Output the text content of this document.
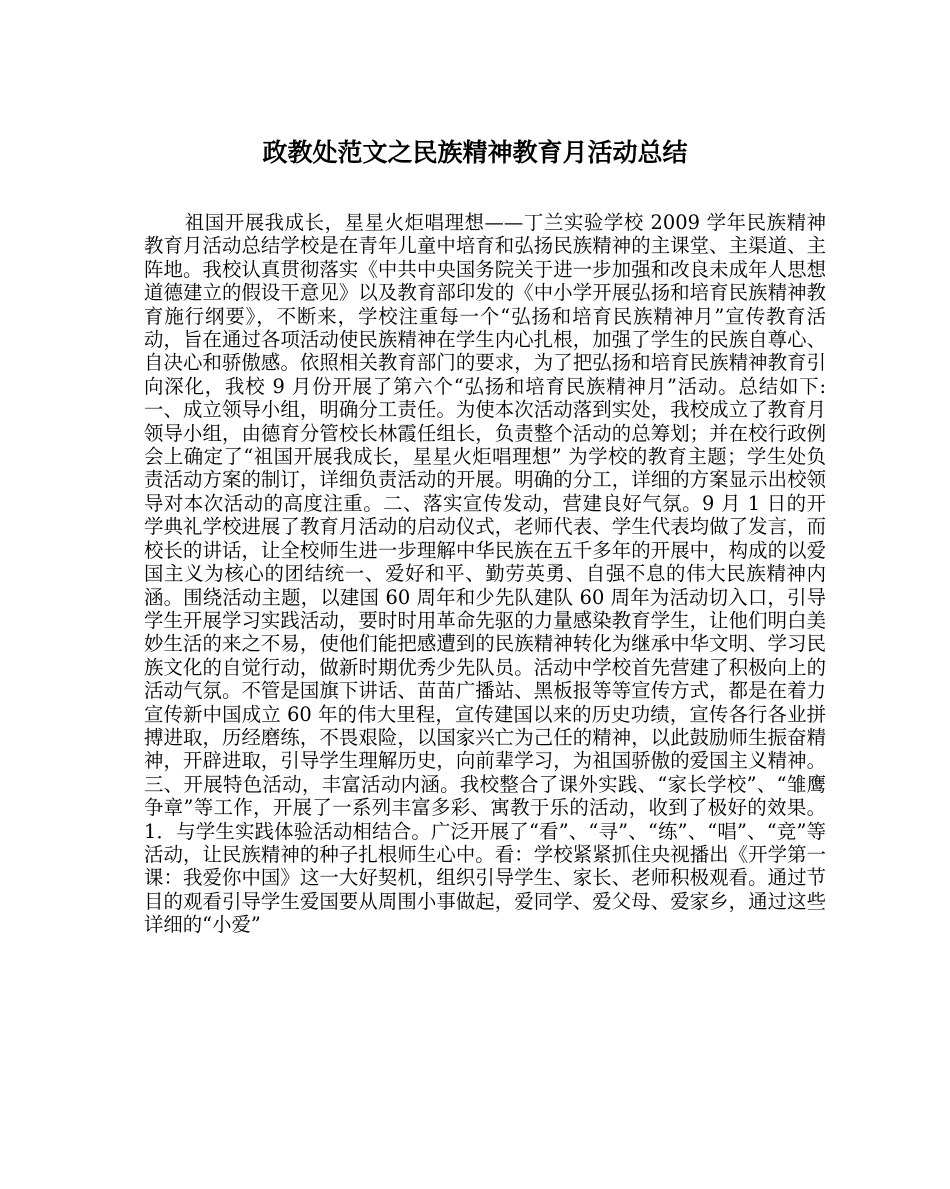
政教处范文之民族精神教育月活动总结

祖国开展我成长，星星火炬唱理想——丁兰实验学校 2009 学年民族精神教育月活动总结学校是在青年儿童中培育和弘扬民族精神的主课堂、主渠道、主阵地。我校认真贯彻落实《中共中央国务院关于进一步加强和改良未成年人思想道德建立的假设干意见》以及教育部印发的《中小学开展弘扬和培育民族精神教育施行纲要》，不断来，学校注重每一个“弘扬和培育民族精神月”宣传教育活动，旨在通过各项活动使民族精神在学生内心扎根，加强了学生的民族自尊心、自决心和骄傲感。依照相关教育部门的要求，为了把弘扬和培育民族精神教育引向深化，我校 9 月份开展了第六个“弘扬和培育民族精神月”活动。总结如下:一、成立领导小组，明确分工责任。为使本次活动落到实处，我校成立了教育月领导小组，由德育分管校长林霞任组长，负责整个活动的总筹划；并在校行政例会上确定了“祖国开展我成长，星星火炬唱理想” 为学校的教育主题；学生处负责活动方案的制订，详细负责活动的开展。明确的分工，详细的方案显示出校领导对本次活动的高度注重。二、落实宣传发动，营建良好气氛。9 月 1 日的开学典礼学校进展了教育月活动的启动仪式，老师代表、学生代表均做了发言，而校长的讲话，让全校师生进一步理解中华民族在五千多年的开展中，构成的以爱国主义为核心的团结统一、爱好和平、勤劳英勇、自强不息的伟大民族精神内涵。围绕活动主题，以建国 60 周年和少先队建队 60 周年为活动切入口，引导学生开展学习实践活动，要时时用革命先驱的力量感染教育学生，让他们明白美妙生活的来之不易，使他们能把感遭到的民族精神转化为继承中华文明、学习民族文化的自觉行动，做新时期优秀少先队员。活动中学校首先营建了积极向上的活动气氛。不管是国旗下讲话、苗苗广播站、黑板报等等宣传方式，都是在着力宣传新中国成立 60 年的伟大里程，宣传建国以来的历史功绩，宣传各行各业拼搏进取，历经磨练，不畏艰险，以国家兴亡为己任的精神，以此鼓励师生振奋精神，开辟进取，引导学生理解历史，向前辈学习，为祖国骄傲的爱国主义精神。 三、开展特色活动，丰富活动内涵。我校整合了课外实践、“家长学校”、“雏鹰争章”等工作，开展了一系列丰富多彩、寓教于乐的活动，收到了极好的效果。1．与学生实践体验活动相结合。广泛开展了“看”、“寻”、“练”、“唱”、“竞”等活动，让民族精神的种子扎根师生心中。看：学校紧紧抓住央视播出《开学第一课：我爱你中国》这一大好契机，组织引导学生、家长、老师积极观看。通过节目的观看引导学生爱国要从周围小事做起，爱同学、爱父母、爱家乡，通过这些详细的“小爱”
